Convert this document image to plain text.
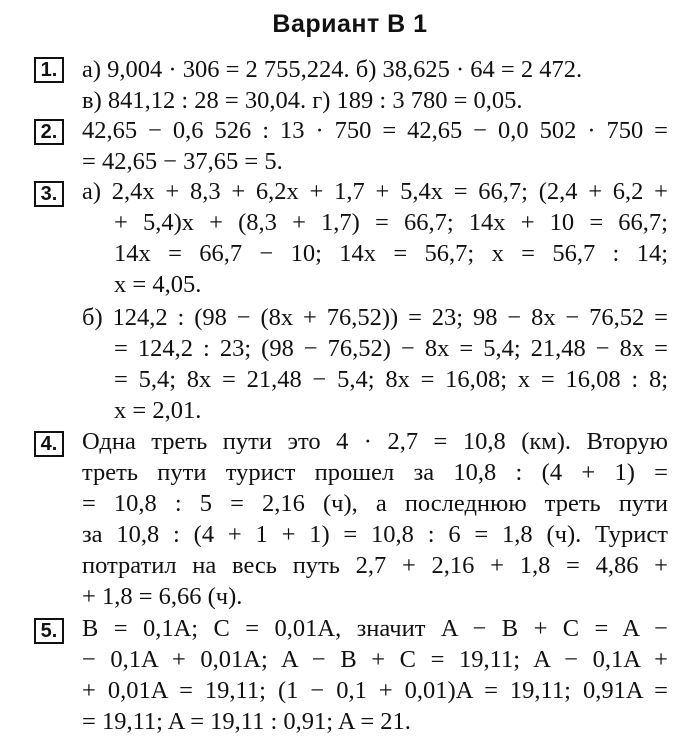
Вариант В 1
1. а) 9,004 · 306 = 2 755,224. б) 38,625 · 64 = 2 472.
в) 841,12 : 28 = 30,04. г) 189 : 3 780 = 0,05.
2. 42,65 − 0,6 526 : 13 · 750 = 42,65 − 0,0 502 · 750 =
= 42,65 − 37,65 = 5.
3. а) 2,4x + 8,3 + 6,2x + 1,7 + 5,4x = 66,7; (2,4 + 6,2 +
+ 5,4)x + (8,3 + 1,7) = 66,7; 14x + 10 = 66,7;
14x = 66,7 − 10; 14x = 56,7; x = 56,7 : 14;
x = 4,05.
б) 124,2 : (98 − (8x + 76,52)) = 23; 98 − 8x − 76,52 =
= 124,2 : 23; (98 − 76,52) − 8x = 5,4; 21,48 − 8x =
= 5,4; 8x = 21,48 − 5,4; 8x = 16,08; x = 16,08 : 8;
x = 2,01.
4. Одна треть пути это 4 · 2,7 = 10,8 (км). Вторую
треть пути турист прошел за 10,8 : (4 + 1) =
= 10,8 : 5 = 2,16 (ч), а последнюю треть пути
за 10,8 : (4 + 1 + 1) = 10,8 : 6 = 1,8 (ч). Турист
потратил на весь путь 2,7 + 2,16 + 1,8 = 4,86 +
+ 1,8 = 6,66 (ч).
5. B = 0,1A; C = 0,01A, значит A − B + C = A −
− 0,1A + 0,01A; A − B + C = 19,11; A − 0,1A +
+ 0,01A = 19,11; (1 − 0,1 + 0,01)A = 19,11; 0,91A =
= 19,11; A = 19,11 : 0,91; A = 21.
